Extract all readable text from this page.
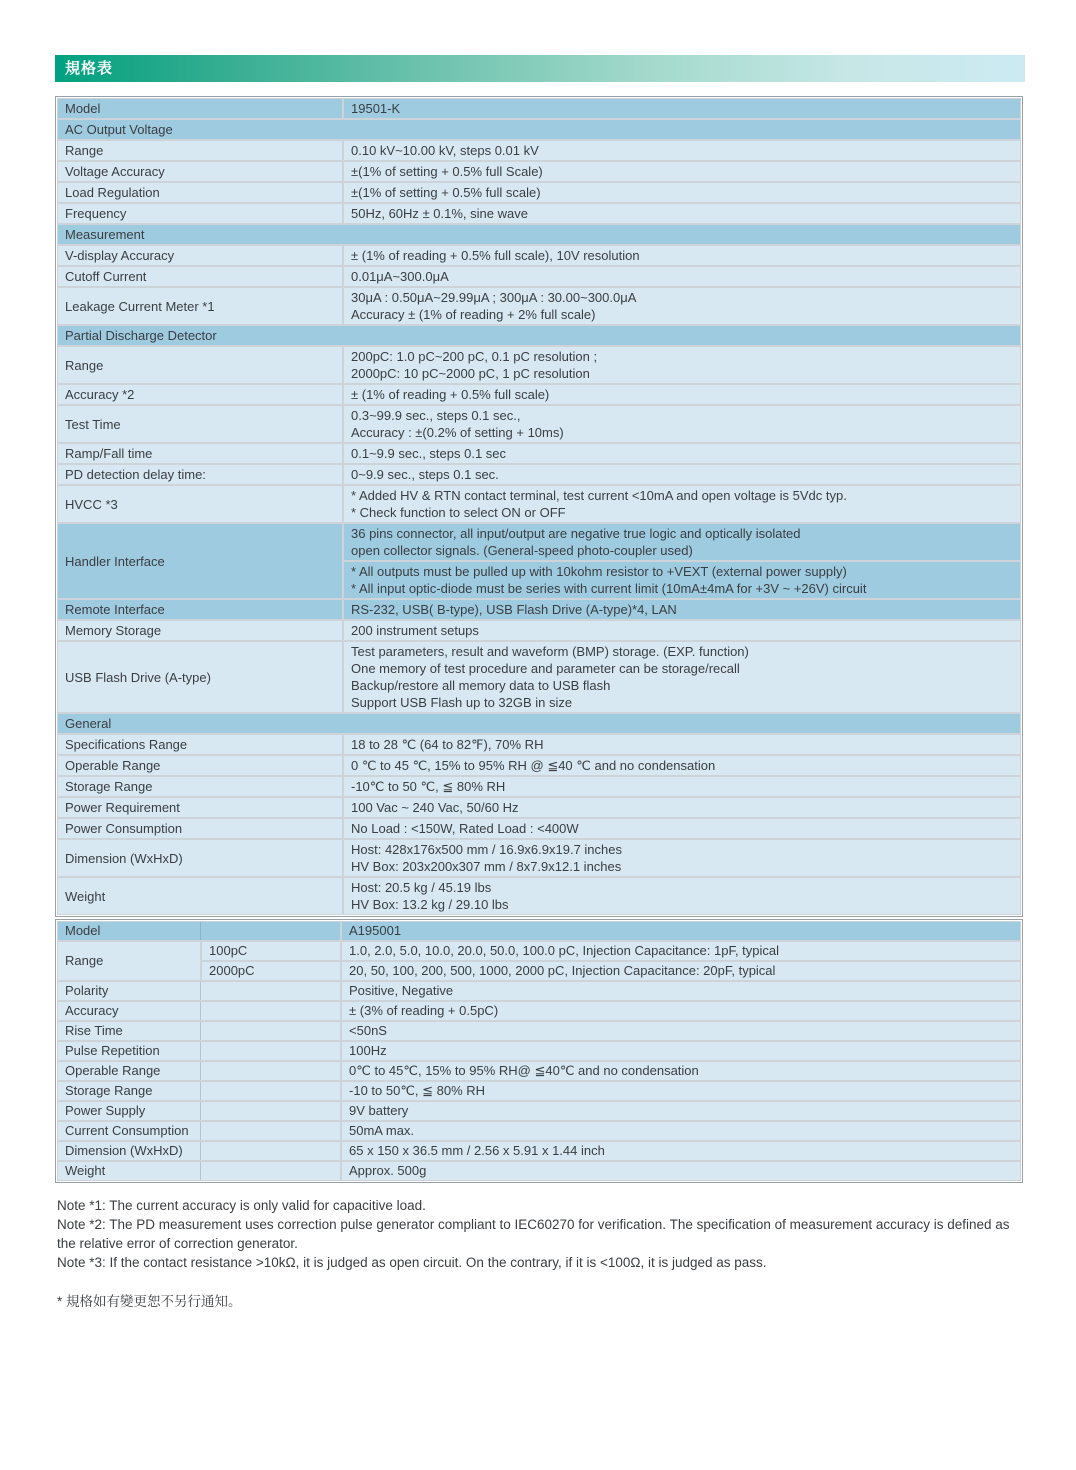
規格表
Model	19501-K

AC Output Voltage	

Range	0.10 kV~10.00 kV, steps 0.01 kV

Voltage Accuracy	±(1% of setting + 0.5% full Scale)

Load Regulation	±(1% of setting + 0.5% full scale)

Frequency	50Hz, 60Hz ± 0.1%, sine wave

Measurement	

V-display Accuracy	± (1% of reading + 0.5% full scale), 10V resolution

Cutoff Current	0.01μA~300.0μA

Leakage Current Meter *1	30μA : 0.50μA~29.99μA ; 300μA : 30.00~300.0μA
Accuracy ± (1% of reading + 2% full scale)

Partial Discharge Detector	

Range	200pC: 1.0 pC~200 pC, 0.1 pC resolution ;
2000pC: 10 pC~2000 pC, 1 pC resolution

Accuracy *2	± (1% of reading + 0.5% full scale)

Test Time	0.3~99.9 sec., steps 0.1 sec.,
Accuracy : ±(0.2% of setting + 10ms)

Ramp/Fall time	0.1~9.9 sec., steps 0.1 sec

PD detection delay time:	0~9.9 sec., steps 0.1 sec.

HVCC *3	* Added HV & RTN contact terminal, test current <10mA and open voltage is 5Vdc typ.
* Check function to select ON or OFF

Handler Interface	36 pins connector, all input/output are negative true logic and optically isolated
open collector signals. (General-speed photo-coupler used)

	* All outputs must be pulled up with 10kohm resistor to +VEXT (external power supply)
* All input optic-diode must be series with current limit (10mA±4mA for +3V ~ +26V) circuit

Remote Interface	RS-232, USB( B-type), USB Flash Drive (A-type)*4, LAN

Memory Storage	200 instrument setups

USB Flash Drive (A-type)	Test parameters, result and waveform (BMP) storage. (EXP. function)
One memory of test procedure and parameter can be storage/recall
Backup/restore all memory data to USB flash
Support USB Flash up to 32GB in size

General	

Specifications Range	18 to 28 ℃ (64 to 82℉), 70% RH

Operable Range	0 ℃ to 45 ℃, 15% to 95% RH @ ≦40 ℃ and no condensation

Storage Range	-10℃ to 50 ℃, ≦ 80% RH

Power Requirement	100 Vac ~ 240 Vac, 50/60 Hz

Power Consumption	No Load : <150W, Rated Load : <400W

Dimension (WxHxD)	Host: 428x176x500 mm / 16.9x6.9x19.7 inches
HV Box: 203x200x307 mm / 8x7.9x12.1 inches

Weight	Host: 20.5 kg / 45.19 lbs
HV Box: 13.2 kg / 29.10 lbs
Model		A195001

Range	100pC	1.0, 2.0, 5.0, 10.0, 20.0, 50.0, 100.0 pC, Injection Capacitance: 1pF, typical

	2000pC	20, 50, 100, 200, 500, 1000, 2000 pC, Injection Capacitance: 20pF, typical

Polarity		Positive, Negative

Accuracy		± (3% of reading + 0.5pC)

Rise Time		<50nS

Pulse Repetition		100Hz

Operable Range		0℃ to 45℃, 15% to 95% RH@ ≦40℃ and no condensation

Storage Range		-10 to 50℃, ≦ 80% RH

Power Supply		9V battery

Current Consumption		50mA max.

Dimension (WxHxD)		65 x 150 x 36.5 mm / 2.56 x 5.91 x 1.44 inch

Weight		Approx. 500g

Note *1: The current accuracy is only valid for capacitive load.

Note *2: The PD measurement uses correction pulse generator compliant to IEC60270 for verification. The specification of measurement accuracy is defined as the relative error of correction generator.

Note *3: If the contact resistance >10kΩ, it is judged as open circuit. On the contrary, if it is <100Ω, it is judged as pass.

* 規格如有變更恕不另行通知。
